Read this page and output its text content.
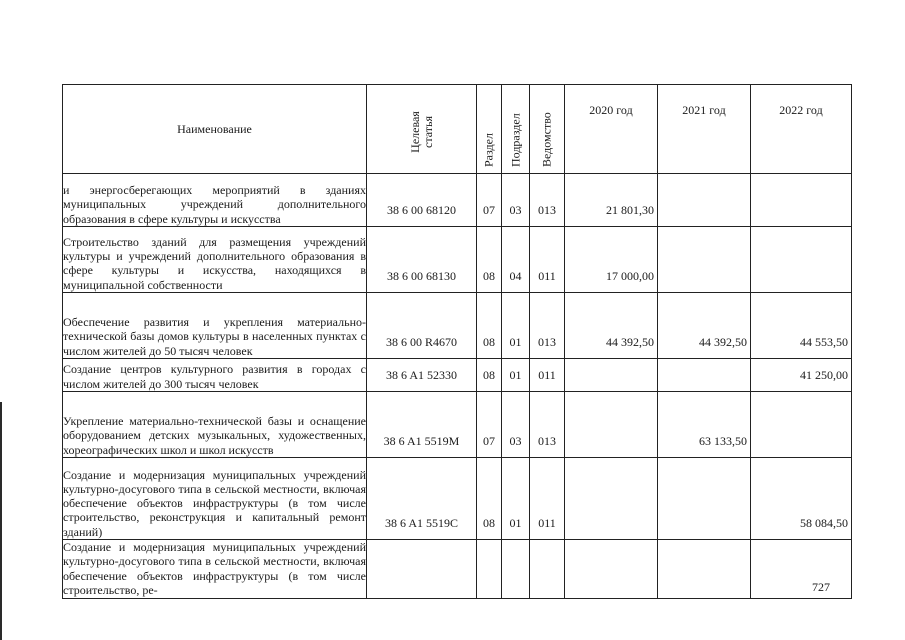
Наименование	Целевая статья	Раздел	Подраздел	Ведомство	2020 год	2021 год	2022 год
и энергосберегающих мероприятий в зданиях муниципальных учреждений дополнительного образования в сфере культуры и искусства	38 6 00 68120	07	03	013	21 801,30		
Строительство зданий для размещения учреждений культуры и учреждений дополнительного образования в сфере культуры и искусства, находящихся в муниципальной собственности	38 6 00 68130	08	04	011	17 000,00		
Обеспечение развития и укрепления материально-технической базы домов культуры в населенных пунктах с числом жителей до 50 тысяч человек	38 6 00 R4670	08	01	013	44 392,50	44 392,50	44 553,50
Создание центров культурного развития в городах с числом жителей до 300 тысяч человек	38 6 A1 52330	08	01	011			41 250,00
Укрепление материально-технической базы и оснащение оборудованием детских музыкальных, художественных, хореографических школ и школ искусств	38 6 A1 5519M	07	03	013		63 133,50	
Создание и модернизация муниципальных учреждений культурно-досугового типа в сельской местности, включая обеспечение объектов инфраструктуры (в том числе строительство, реконструкция и капитальный ремонт зданий)	38 6 A1 5519C	08	01	011			58 084,50
Создание и модернизация муниципальных учреждений культурно-досугового типа в сельской местности, включая обеспечение объектов инфраструктуры (в том числе строительство, ре-								727
